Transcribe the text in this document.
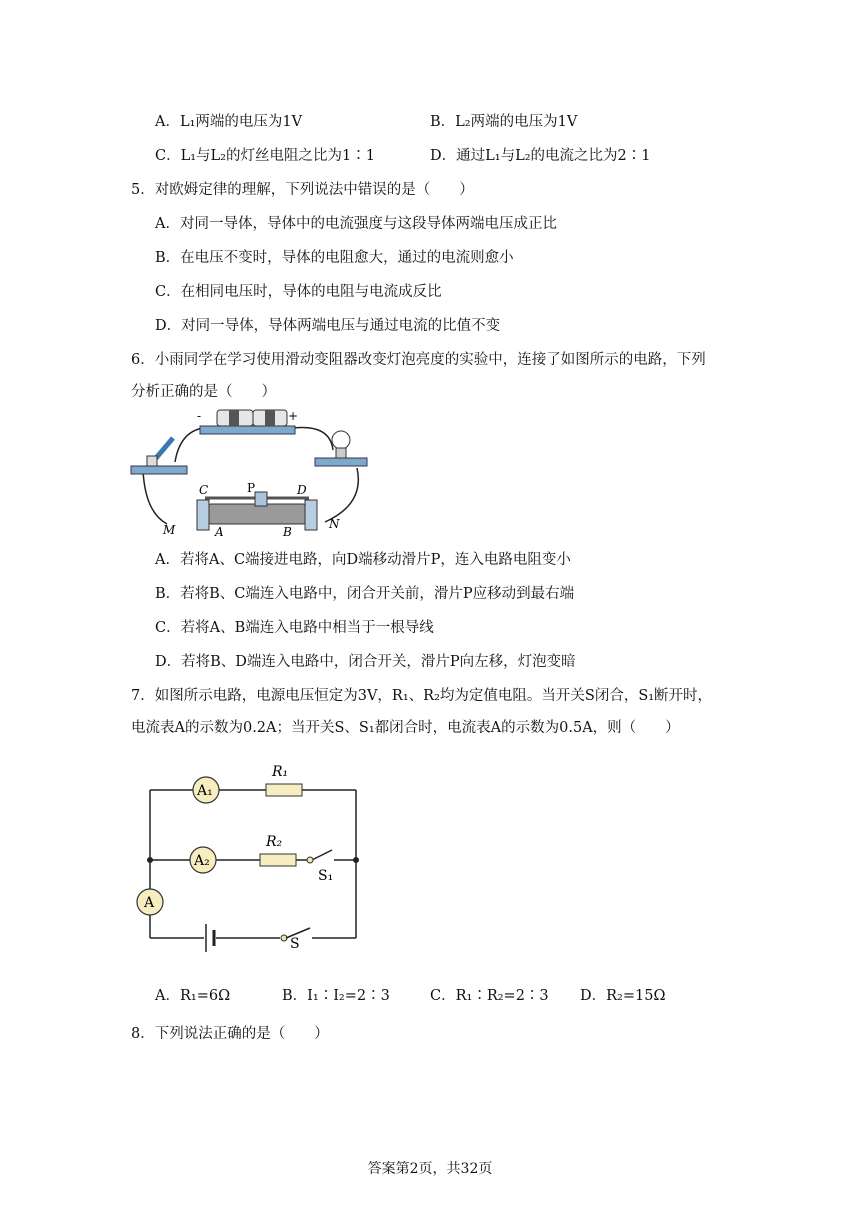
A．L₁两端的电压为1V	B．L₂两端的电压为1V
C．L₁与L₂的灯丝电阻之比为1∶1	D．通过L₁与L₂的电流之比为2∶1
5．对欧姆定律的理解，下列说法中错误的是（　　）
A．对同一导体，导体中的电流强度与这段导体两端电压成正比
B．在电压不变时，导体的电阻愈大，通过的电流则愈小
C．在相同电压时，导体的电阻与电流成反比
D．对同一导体，导体两端电压与通过电流的比值不变
6．小雨同学在学习使用滑动变阻器改变灯泡亮度的实验中，连接了如图所示的电路，下列
分析正确的是（　　）
-	+
C	P	D
A	B
M	N
A．若将A、C端接进电路，向D端移动滑片P，连入电路电阻变小
B．若将B、C端连入电路中，闭合开关前，滑片P应移动到最右端
C．若将A、B端连入电路中相当于一根导线
D．若将B、D端连入电路中，闭合开关，滑片P向左移，灯泡变暗
7．如图所示电路，电源电压恒定为3V，R₁、R₂均为定值电阻。当开关S闭合，S₁断开时，
电流表A的示数为0.2A；当开关S、S₁都闭合时，电流表A的示数为0.5A，则（　　）
A₁
A₂
A
R₁
R₂
S₁
S
A．R₁=6Ω	B．I₁∶I₂=2∶3	C．R₁∶R₂=2∶3 D．R₂=15Ω
8．下列说法正确的是（　　）
答案第2页，共32页
